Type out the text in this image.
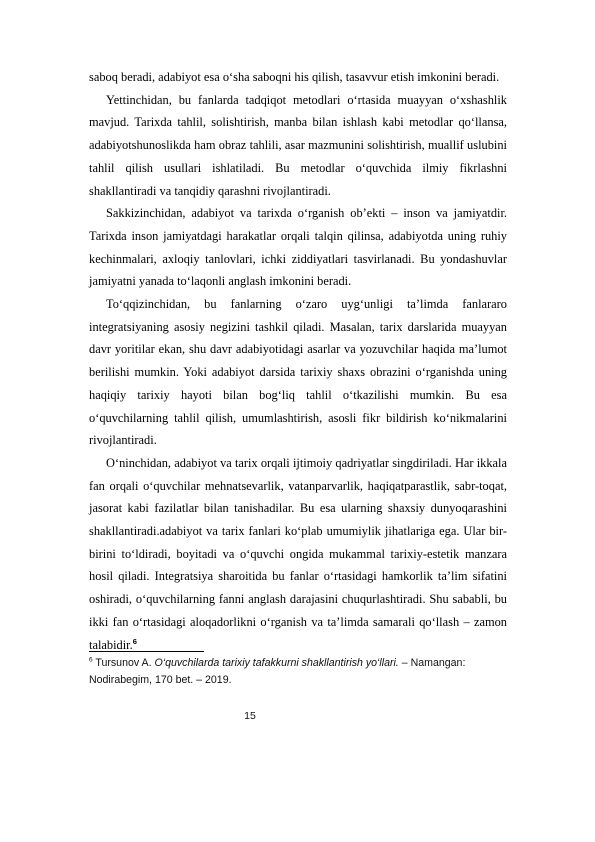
saboq beradi, adabiyot esa o‘sha saboqni his qilish, tasavvur etish imkonini beradi.

Yettinchidan, bu fanlarda tadqiqot metodlari o‘rtasida muayyan o‘xshashlik mavjud. Tarixda tahlil, solishtirish, manba bilan ishlash kabi metodlar qo‘llansa, adabiyotshunoslikda ham obraz tahlili, asar mazmunini solishtirish, muallif uslubini tahlil qilish usullari ishlatiladi. Bu metodlar o‘quvchida ilmiy fikrlashni shakllantiradi va tanqidiy qarashni rivojlantiradi.

Sakkizinchidan, adabiyot va tarixda o‘rganish ob’ekti – inson va jamiyatdir. Tarixda inson jamiyatdagi harakatlar orqali talqin qilinsa, adabiyotda uning ruhiy kechinmalari, axloqiy tanlovlari, ichki ziddiyatlari tasvirlanadi. Bu yondashuvlar jamiyatni yanada to‘laqonli anglash imkonini beradi.

To‘qqizinchidan, bu fanlarning o‘zaro uyg‘unligi ta’limda fanlararo integratsiyaning asosiy negizini tashkil qiladi. Masalan, tarix darslarida muayyan davr yoritilar ekan, shu davr adabiyotidagi asarlar va yozuvchilar haqida ma’lumot berilishi mumkin. Yoki adabiyot darsida tarixiy shaxs obrazini o‘rganishda uning haqiqiy tarixiy hayoti bilan bog‘liq tahlil o‘tkazilishi mumkin. Bu esa o‘quvchilarning tahlil qilish, umumlashtirish, asosli fikr bildirish ko‘nikmalarini rivojlantiradi.

O‘ninchidan, adabiyot va tarix orqali ijtimoiy qadriyatlar singdiriladi. Har ikkala fan orqali o‘quvchilar mehnatsevarlik, vatanparvarlik, haqiqatparastlik, sabr-toqat, jasorat kabi fazilatlar bilan tanishadilar. Bu esa ularning shaxsiy dunyoqarashini shakllantiradi.adabiyot va tarix fanlari ko‘plab umumiylik jihatlariga ega. Ular bir-birini to‘ldiradi, boyitadi va o‘quvchi ongida mukammal tarixiy-estetik manzara hosil qiladi. Integratsiya sharoitida bu fanlar o‘rtasidagi hamkorlik ta’lim sifatini oshiradi, o‘quvchilarning fanni anglash darajasini chuqurlashtiradi. Shu sababli, bu ikki fan o‘rtasidagi aloqadorlikni o‘rganish va ta’limda samarali qo‘llash – zamon talabidir.$^6$

$^6$ Tursunov A. O‘quvchilarda tarixiy tafakkurni shakllantirish yo‘llari. – Namangan: Nodirabegim, 170 bet. – 2019.
15
